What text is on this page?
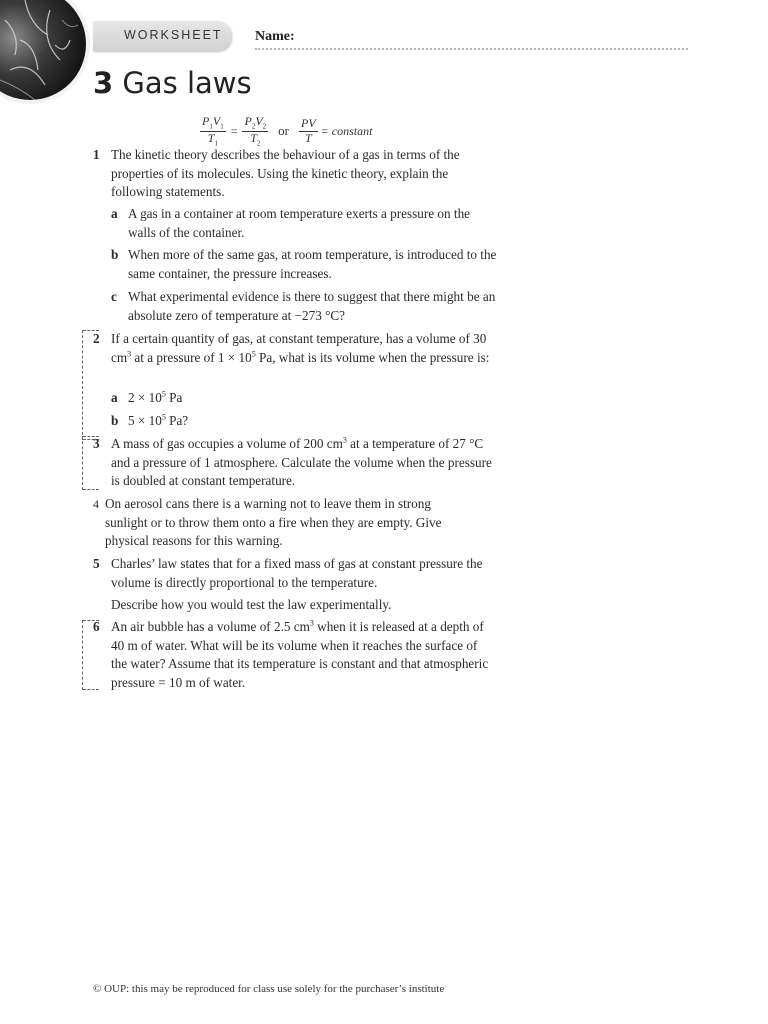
WORKSHEET Name:
3 Gas laws
$\frac{P_1V_1}{T_1} = \frac{P_2V_2}{T_2}$ or $\frac{PV}{T}$ = constant
1 The kinetic theory describes the behaviour of a gas in terms of the properties of its molecules. Using the kinetic theory, explain the following statements.
a A gas in a container at room temperature exerts a pressure on the walls of the container.
b When more of the same gas, at room temperature, is introduced to the same container, the pressure increases.
c What experimental evidence is there to suggest that there might be an absolute zero of temperature at −273 °C?
2 If a certain quantity of gas, at constant temperature, has a volume of 30 $cm^3$ at a pressure of $1 \times 10^5$ Pa, what is its volume when the pressure is:
a $2 \times 10^5$ Pa
b $5 \times 10^5$ Pa?
3 A mass of gas occupies a volume of 200 $cm^3$ at a temperature of 27 °C and a pressure of 1 atmosphere. Calculate the volume when the pressure is doubled at constant temperature.
4 On aerosol cans there is a warning not to leave them in strong sunlight or to throw them onto a fire when they are empty. Give physical reasons for this warning.
5 Charles’ law states that for a fixed mass of gas at constant pressure the volume is directly proportional to the temperature.
Describe how you would test the law experimentally.
6 An air bubble has a volume of 2.5 $cm^3$ when it is released at a depth of 40 m of water. What will be its volume when it reaches the surface of the water? Assume that its temperature is constant and that atmospheric pressure = 10 m of water.
© OUP: this may be reproduced for class use solely for the purchaser’s institute
